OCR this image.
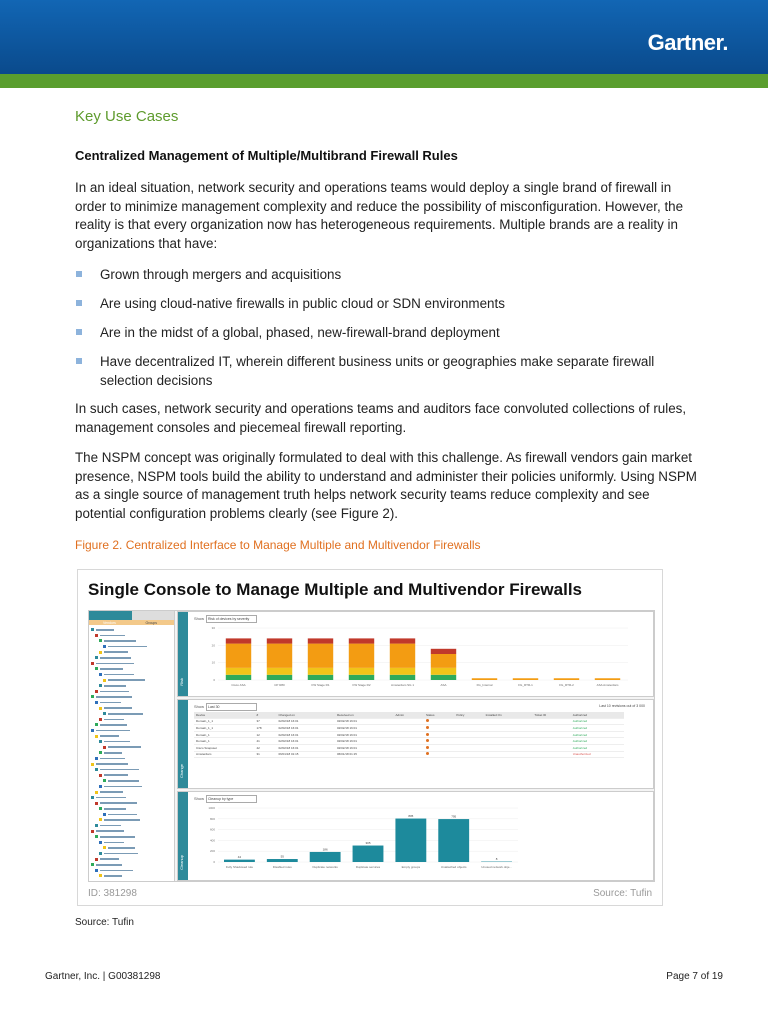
Gartner.
Key Use Cases
Centralized Management of Multiple/Multibrand Firewall Rules
In an ideal situation, network security and operations teams would deploy a single brand of firewall in order to minimize management complexity and reduce the possibility of misconfiguration. However, the reality is that every organization now has heterogeneous requirements. Multiple brands are a reality in organizations that have:
Grown through mergers and acquisitions
Are using cloud-native firewalls in public cloud or SDN environments
Are in the midst of a global, phased, new-firewall-brand deployment
Have decentralized IT, wherein different business units or geographies make separate firewall selection decisions
In such cases, network security and operations teams and auditors face convoluted collections of rules, management consoles and piecemeal firewall reporting.
The NSPM concept was originally formulated to deal with this challenge. As firewall vendors gain market presence, NSPM tools build the ability to understand and administer their policies uniformly. Using NSPM as a single source of management truth helps network security teams reduce complexity and see potential configuration problems clearly (see Figure 2).
Figure 2. Centralized Interface to Manage Multiple and Multivendor Firewalls
Single Console to Manage Multiple and Multivendor Firewalls
Vendors	Groups
Risk
Show	Risk of devices by severity
0
10
20
30
Cisco ASA	CP R80	FW Stage R1	FW Stage R2	Amsterdam SG 1	ASA	FG_Internal	FG_RTR-1	FG_RTR-2	ASA Amsterdam
Change
Show	Last 30	Last 10 revisions out of 3 000
Device	#	Changed on	Received on	Admin	Status	Policy	Installed On	Ticket ID	Authorized
Domain_1_1	37	02/02/18 16:01	02/02/18 16:01						Authorized
Domain_1_1	178	02/02/18 16:01	02/02/18 16:01						Authorized
Domain_1	12	02/02/18 16:01	02/02/18 16:01						Authorized
Domain_1	41	02/02/18 16:01	02/02/18 16:01						Authorized
Cisco Snapsset	42	02/02/18 16:01	02/02/18 16:01						Authorized
Amsterdam	31	06/01/18 01:15	06/01/18 01:15						Unauthorized
Cleanup
Show	Cleanup by type
0
200
400
600
800
1000
44
Fully Shadowed rule
55
Disabled rules
186
Duplicate networks
305
Duplicate services
805
Empty groups
795
Unattached objects
8
Unused network obje...
ID: 381298	Source: Tufin
Source: Tufin
Gartner, Inc. | G00381298	Page 7 of 19
